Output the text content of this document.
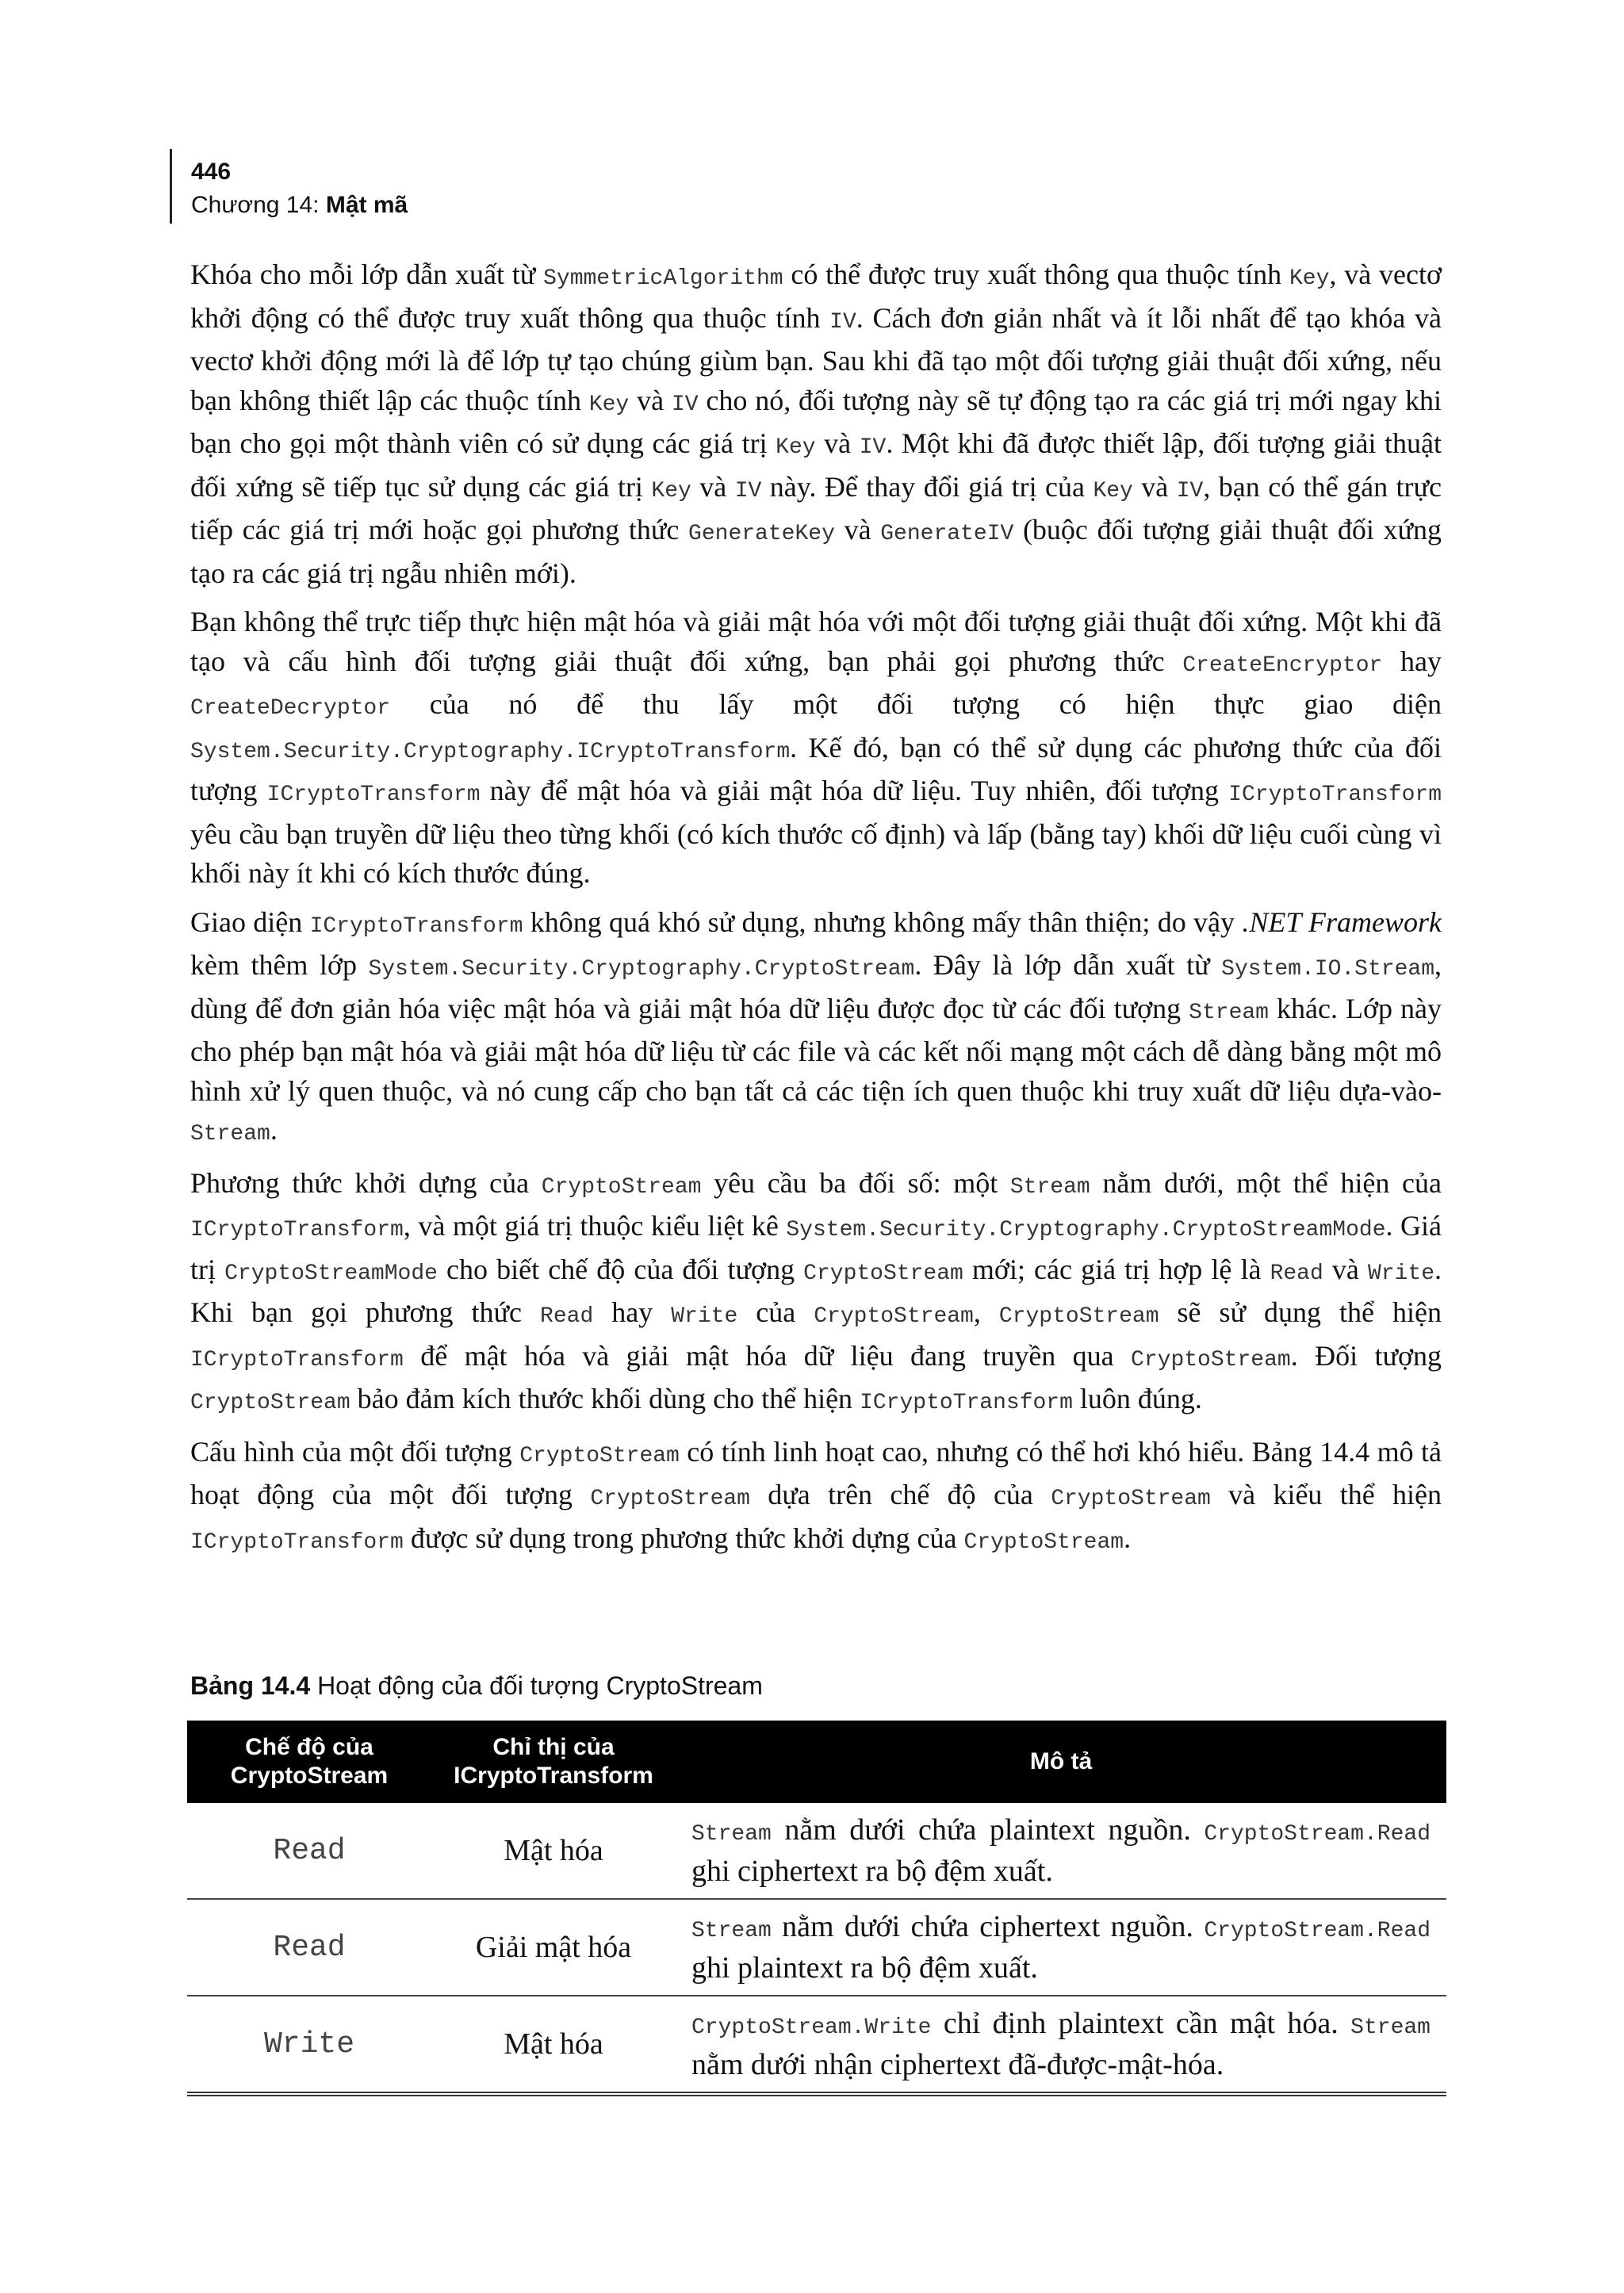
446
Chương 14: Mật mã

Khóa cho mỗi lớp dẫn xuất từ SymmetricAlgorithm có thể được truy xuất thông qua thuộc tính Key, và vectơ khởi động có thể được truy xuất thông qua thuộc tính IV. Cách đơn giản nhất và ít lỗi nhất để tạo khóa và vectơ khởi động mới là để lớp tự tạo chúng giùm bạn. Sau khi đã tạo một đối tượng giải thuật đối xứng, nếu bạn không thiết lập các thuộc tính Key và IV cho nó, đối tượng này sẽ tự động tạo ra các giá trị mới ngay khi bạn cho gọi một thành viên có sử dụng các giá trị Key và IV. Một khi đã được thiết lập, đối tượng giải thuật đối xứng sẽ tiếp tục sử dụng các giá trị Key và IV này. Để thay đổi giá trị của Key và IV, bạn có thể gán trực tiếp các giá trị mới hoặc gọi phương thức GenerateKey và GenerateIV (buộc đối tượng giải thuật đối xứng tạo ra các giá trị ngẫu nhiên mới).

Bạn không thể trực tiếp thực hiện mật hóa và giải mật hóa với một đối tượng giải thuật đối xứng. Một khi đã tạo và cấu hình đối tượng giải thuật đối xứng, bạn phải gọi phương thức CreateEncryptor hay CreateDecryptor của nó để thu lấy một đối tượng có hiện thực giao diện System.Security.Cryptography.ICryptoTransform. Kế đó, bạn có thể sử dụng các phương thức của đối tượng ICryptoTransform này để mật hóa và giải mật hóa dữ liệu. Tuy nhiên, đối tượng ICryptoTransform yêu cầu bạn truyền dữ liệu theo từng khối (có kích thước cố định) và lấp (bằng tay) khối dữ liệu cuối cùng vì khối này ít khi có kích thước đúng.

Giao diện ICryptoTransform không quá khó sử dụng, nhưng không mấy thân thiện; do vậy .NET Framework kèm thêm lớp System.Security.Cryptography.CryptoStream. Đây là lớp dẫn xuất từ System.IO.Stream, dùng để đơn giản hóa việc mật hóa và giải mật hóa dữ liệu được đọc từ các đối tượng Stream khác. Lớp này cho phép bạn mật hóa và giải mật hóa dữ liệu từ các file và các kết nối mạng một cách dễ dàng bằng một mô hình xử lý quen thuộc, và nó cung cấp cho bạn tất cả các tiện ích quen thuộc khi truy xuất dữ liệu dựa-vào-Stream.

Phương thức khởi dựng của CryptoStream yêu cầu ba đối số: một Stream nằm dưới, một thể hiện của ICryptoTransform, và một giá trị thuộc kiểu liệt kê System.Security.Cryptography.CryptoStreamMode. Giá trị CryptoStreamMode cho biết chế độ của đối tượng CryptoStream mới; các giá trị hợp lệ là Read và Write. Khi bạn gọi phương thức Read hay Write của CryptoStream, CryptoStream sẽ sử dụng thể hiện ICryptoTransform để mật hóa và giải mật hóa dữ liệu đang truyền qua CryptoStream. Đối tượng CryptoStream bảo đảm kích thước khối dùng cho thể hiện ICryptoTransform luôn đúng.

Cấu hình của một đối tượng CryptoStream có tính linh hoạt cao, nhưng có thể hơi khó hiểu. Bảng 14.4 mô tả hoạt động của một đối tượng CryptoStream dựa trên chế độ của CryptoStream và kiểu thể hiện ICryptoTransform được sử dụng trong phương thức khởi dựng của CryptoStream.

Bảng 14.4 Hoạt động của đối tượng CryptoStream
Chế độ của CryptoStream	Chỉ thị của ICryptoTransform	Mô tả
Read	Mật hóa	Stream nằm dưới chứa plaintext nguồn. CryptoStream.Read ghi ciphertext ra bộ đệm xuất.
Read	Giải mật hóa	Stream nằm dưới chứa ciphertext nguồn. CryptoStream.Read ghi plaintext ra bộ đệm xuất.
Write	Mật hóa	CryptoStream.Write chỉ định plaintext cần mật hóa. Stream nằm dưới nhận ciphertext đã-được-mật-hóa.
